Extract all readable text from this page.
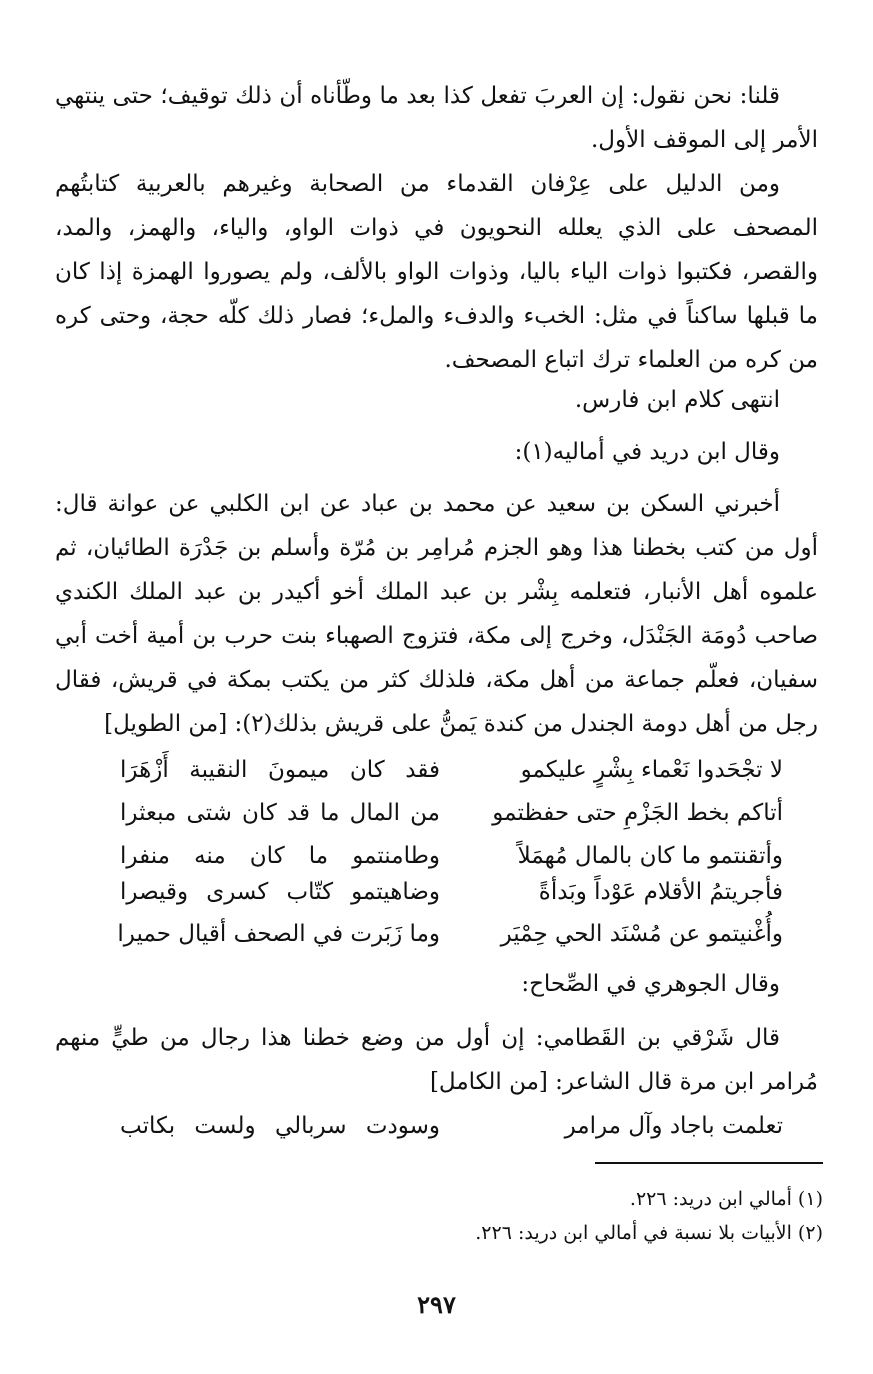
قلنا: نحن نقول: إن العربَ تفعل كذا بعد ما وطّأناه أن ذلك توقيف؛ حتى ينتهي الأمر إلى الموقف الأول.

ومن الدليل على عِرْفان القدماء من الصحابة وغيرهم بالعربية كتابتُهم المصحف على الذي يعلله النحويون في ذوات الواو، والياء، والهمز، والمد، والقصر، فكتبوا ذوات الياء باليا، وذوات الواو بالألف، ولم يصوروا الهمزة إذا كان ما قبلها ساكناً في مثل: الخبء والدفء والملء؛ فصار ذلك كلّه حجة، وحتى كره من كره من العلماء ترك اتباع المصحف.

انتهى كلام ابن فارس.

وقال ابن دريد في أماليه(١):

أخبرني السكن بن سعيد عن محمد بن عباد عن ابن الكلبي عن عوانة قال: أول من كتب بخطنا هذا وهو الجزم مُرامِر بن مُرّة وأسلم بن جَدْرَة الطائيان، ثم علموه أهل الأنبار، فتعلمه بِشْر بن عبد الملك أخو أكيدر بن عبد الملك الكندي صاحب دُومَة الجَنْدَل، وخرج إلى مكة، فتزوج الصهباء بنت حرب بن أمية أخت أبي سفيان، فعلّم جماعة من أهل مكة، فلذلك كثر من يكتب بمكة في قريش، فقال رجل من أهل دومة الجندل من كندة يَمنُّ على قريش بذلك(٢): [من الطويل]

لا تجْحَدوا نَعْماء بِشْرٍ عليكمو
فقد كان ميمونَ النقيبة أَزْهَرَا
أتاكم بخط الجَزْمِ حتى حفظتمو
من المال ما قد كان شتى مبعثرا
وأتقنتمو ما كان بالمال مُهمَلاً
وطامنتمو ما كان منه منفرا
فأجريتمُ الأقلام عَوْداً وبَدأةً
وضاهيتمو كتّاب كسرى وقيصرا
وأُغْنيتمو عن مُسْنَد الحي حِمْيَر
وما زَبَرت في الصحف أقيال حميرا

وقال الجوهري في الصِّحاح:

قال شَرْقي بن القَطامي: إن أول من وضع خطنا هذا رجال من طيٍّ منهم مُرامر ابن مرة قال الشاعر: [من الكامل]

تعلمت باجاد وآل مرامر
وسودت سربالي ولست بكاتب
(١) أمالي ابن دريد: ٢٢٦.
(٢) الأبيات بلا نسبة في أمالي ابن دريد: ٢٢٦.
٢٩٧
